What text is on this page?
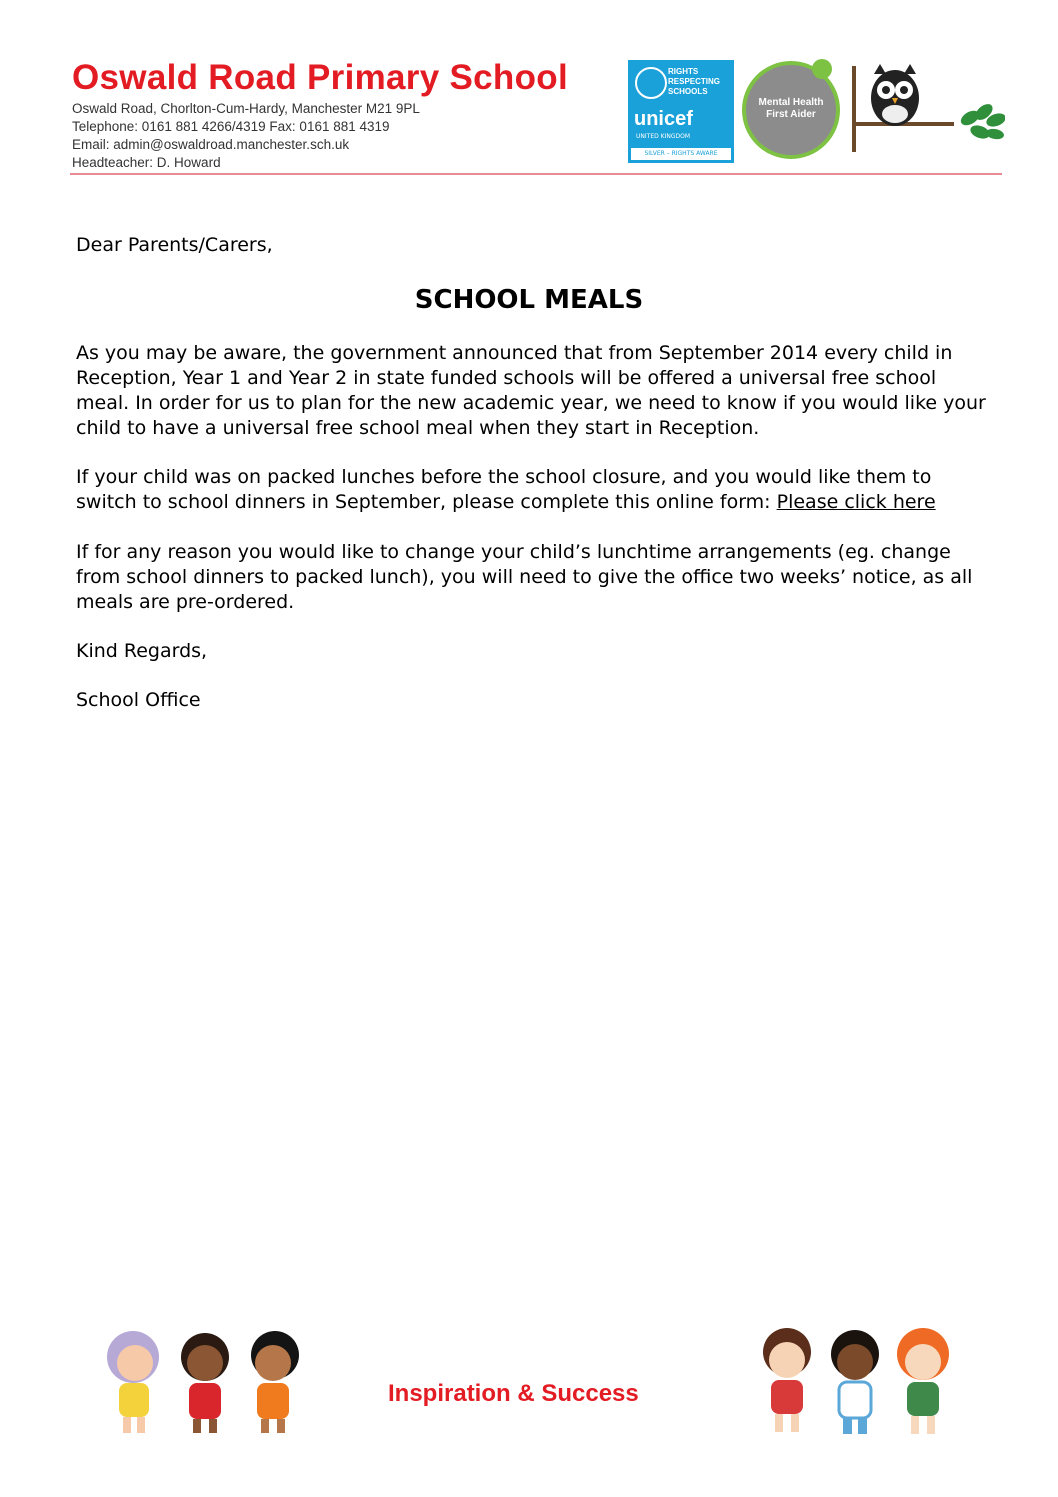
Oswald Road Primary School
Oswald Road, Chorlton-Cum-Hardy, Manchester M21 9PL
Telephone: 0161 881 4266/4319 Fax: 0161 881 4319
Email: admin@oswaldroad.manchester.sch.uk
Headteacher: D. Howard
RIGHTS
RESPECTING
SCHOOLS
unicef
UNITED KINGDOM
SILVER – RIGHTS AWARE
Mental Health
First Aider
Dear Parents/Carers,
SCHOOL MEALS
As you may be aware, the government announced that from September 2014 every child in Reception, Year 1 and Year 2 in state funded schools will be offered a universal free school meal. In order for us to plan for the new academic year, we need to know if you would like your child to have a universal free school meal when they start in Reception.
If your child was on packed lunches before the school closure, and you would like them to switch to school dinners in September, please complete this online form: Please click here
If for any reason you would like to change your child’s lunchtime arrangements (eg. change from school dinners to packed lunch), you will need to give the office two weeks’ notice, as all meals are pre-ordered.
Kind Regards,
School Office
Inspiration & Success
